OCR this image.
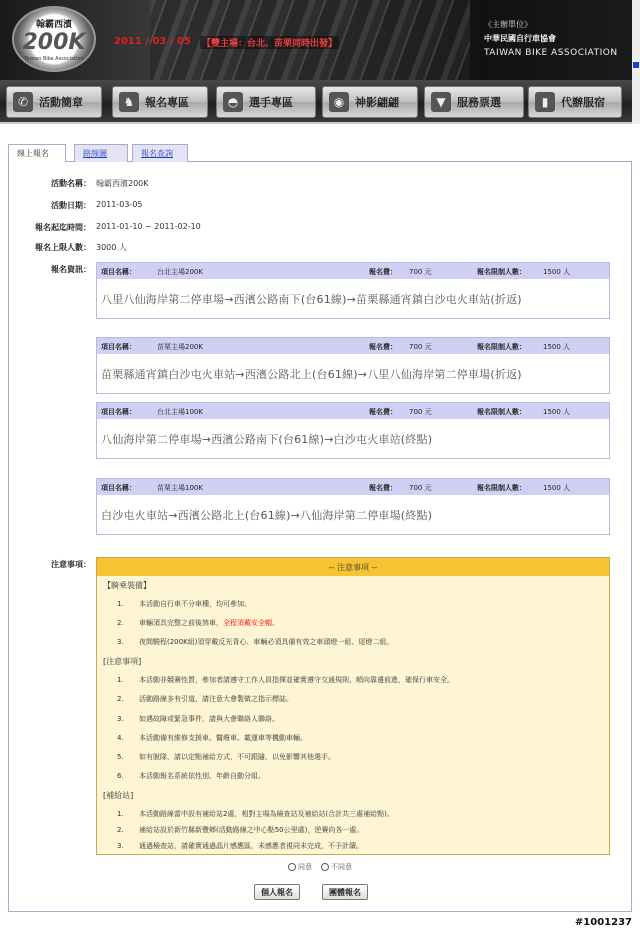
翰霸西濱
200K
Taiwan Bike Association
2011 / 03 / 05 【雙主場：台北、苗栗同時出發】
《主辦單位》
中華民國自行車協會
TAIWAN BIKE ASSOCIATION
✆ 活動簡章	♞ 報名專區	◓ 選手專區	◉ 神影翩翩	▼	服務票選	▮	代辦服宿
線上報名	路線圖	報名查詢
活動名稱： 翰霸西濱200K
活動日期： 2011-03-05
報名起迄時間： 2011-01-10 ~ 2011-02-10
報名上限人數： 3000 人
報名資訊： 項目名稱：	台北主場200K	報名費： 700 元	報名限制人數： 1500 人
八里八仙海岸第二停車場→西濱公路南下(台61線)→苗栗縣通宵鎮白沙屯火車站(折返)
項目名稱：	苗栗主場200K	報名費： 700 元	報名限制人數： 1500 人
苗栗縣通宵鎮白沙屯火車站→西濱公路北上(台61線)→八里八仙海岸第二停車場(折返)
項目名稱：	台北主場100K	報名費： 700 元	報名限制人數： 1500 人
八仙海岸第二停車場→西濱公路南下(台61線)→白沙屯火車站(終點)
項目名稱：	苗栗主場100K	報名費： 700 元	報名限制人數： 1500 人
白沙屯火車站→西濱公路北上(台61線)→八仙海岸第二停車場(終點)
注意事項：	-- 注意事項 --
【騎乘裝備】
1. 本活動自行車不分車種，均可參加。
2. 車輛須具完整之前後煞車，全程須戴安全帽。
3. 夜間騎程(200K組)須穿戴反光背心、車輛必須具備有效之車頭燈一組、尾燈二組。
[注意事項]
1. 本活動非競賽性質，參加者請遵守工作人員指揮並確實遵守交通規則，順向靠邊前進，確保行車安全。
2. 活動路線多有引道，請注意大會製做之指示標誌。
3. 如遇故障或緊急事件，請與大會聯絡人聯絡。
4. 本活動備有維修支援車、醫療車、載運車等機動車輛。
5. 如有脫隊，請以定點補給方式，不可跟隨，以免影響其他選手。
6. 本活動報名系統依性別、年齡自動分組。
[補給站]
1. 本活動路線當中設有補給站2處，相對主場為檢查站及補給站(合計共三處補給點)。
2. 補給站設於新竹縣新豐鄉(活動路線之中心點50公里處)，逆賽向各一處。
3. 通過檢查站，請確實通過晶片感應區，未感應者視同未完成，不予計績。
同意	不同意
個人報名	團體報名
#1001237
